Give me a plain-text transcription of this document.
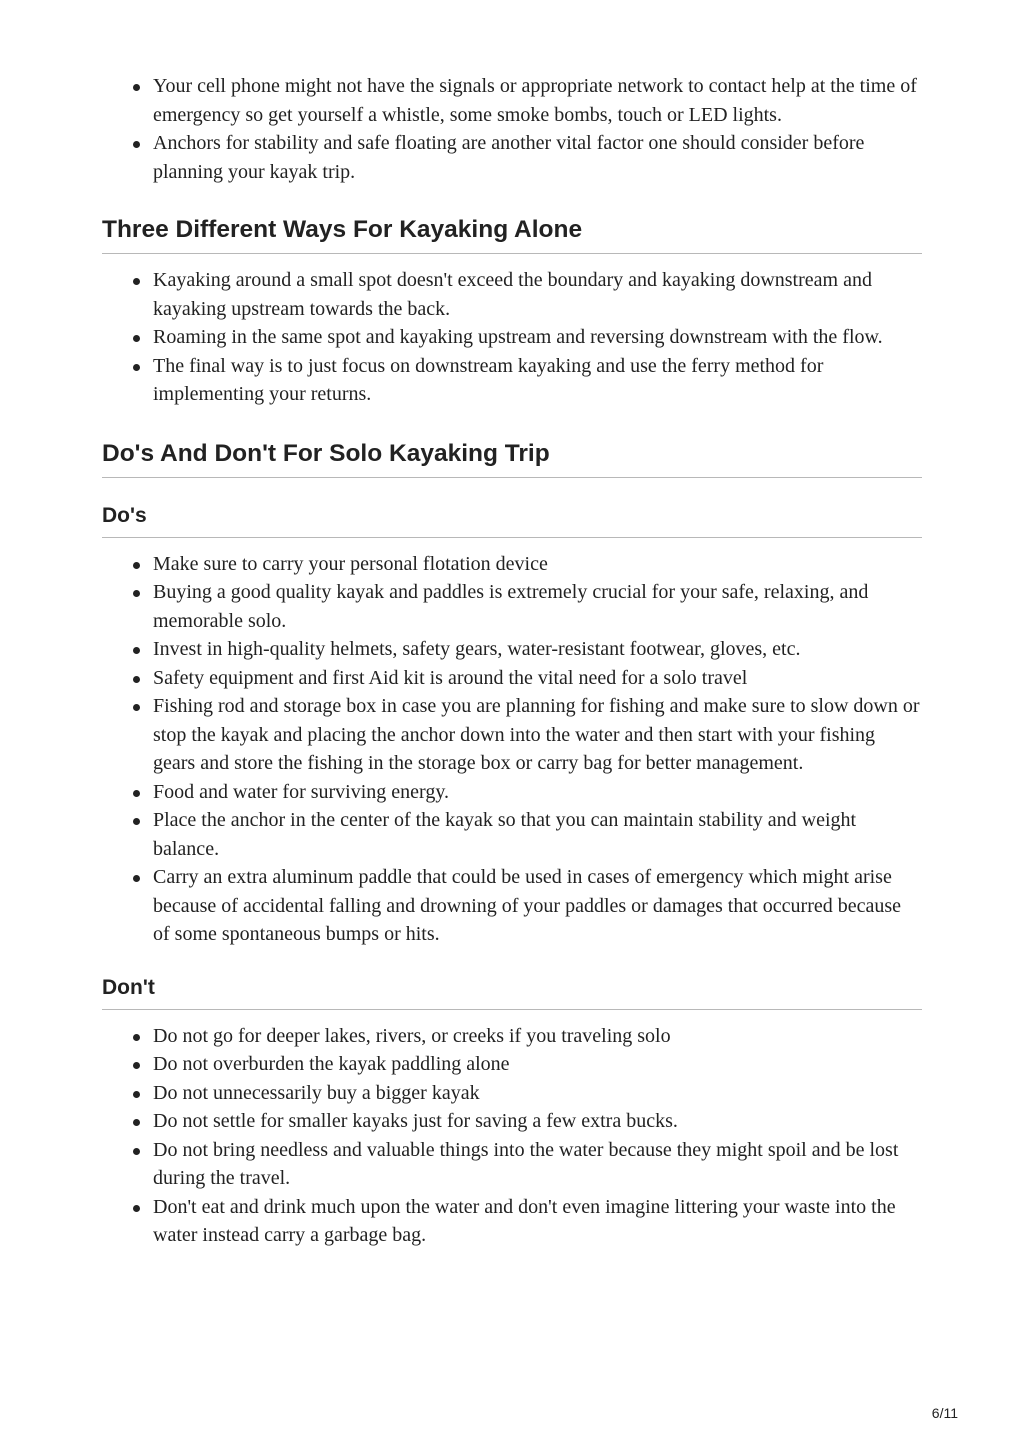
Your cell phone might not have the signals or appropriate network to contact help at the time of emergency so get yourself a whistle, some smoke bombs, touch or LED lights.
Anchors for stability and safe floating are another vital factor one should consider before planning your kayak trip.
Three Different Ways For Kayaking Alone
Kayaking around a small spot doesn't exceed the boundary and kayaking downstream and kayaking upstream towards the back.
Roaming in the same spot and kayaking upstream and reversing downstream with the flow.
The final way is to just focus on downstream kayaking and use the ferry method for implementing your returns.
Do's And Don't For Solo Kayaking Trip
Do's
Make sure to carry your personal flotation device
Buying a good quality kayak and paddles is extremely crucial for your safe, relaxing, and memorable solo.
Invest in high-quality helmets, safety gears, water-resistant footwear, gloves, etc.
Safety equipment and first Aid kit is around the vital need for a solo travel
Fishing rod and storage box in case you are planning for fishing and make sure to slow down or stop the kayak and placing the anchor down into the water and then start with your fishing gears and store the fishing in the storage box or carry bag for better management.
Food and water for surviving energy.
Place the anchor in the center of the kayak so that you can maintain stability and weight balance.
Carry an extra aluminum paddle that could be used in cases of emergency which might arise because of accidental falling and drowning of your paddles or damages that occurred because of some spontaneous bumps or hits.
Don't
Do not go for deeper lakes, rivers, or creeks if you traveling solo
Do not overburden the kayak paddling alone
Do not unnecessarily buy a bigger kayak
Do not settle for smaller kayaks just for saving a few extra bucks.
Do not bring needless and valuable things into the water because they might spoil and be lost during the travel.
Don't eat and drink much upon the water and don't even imagine littering your waste into the water instead carry a garbage bag.
6/11
